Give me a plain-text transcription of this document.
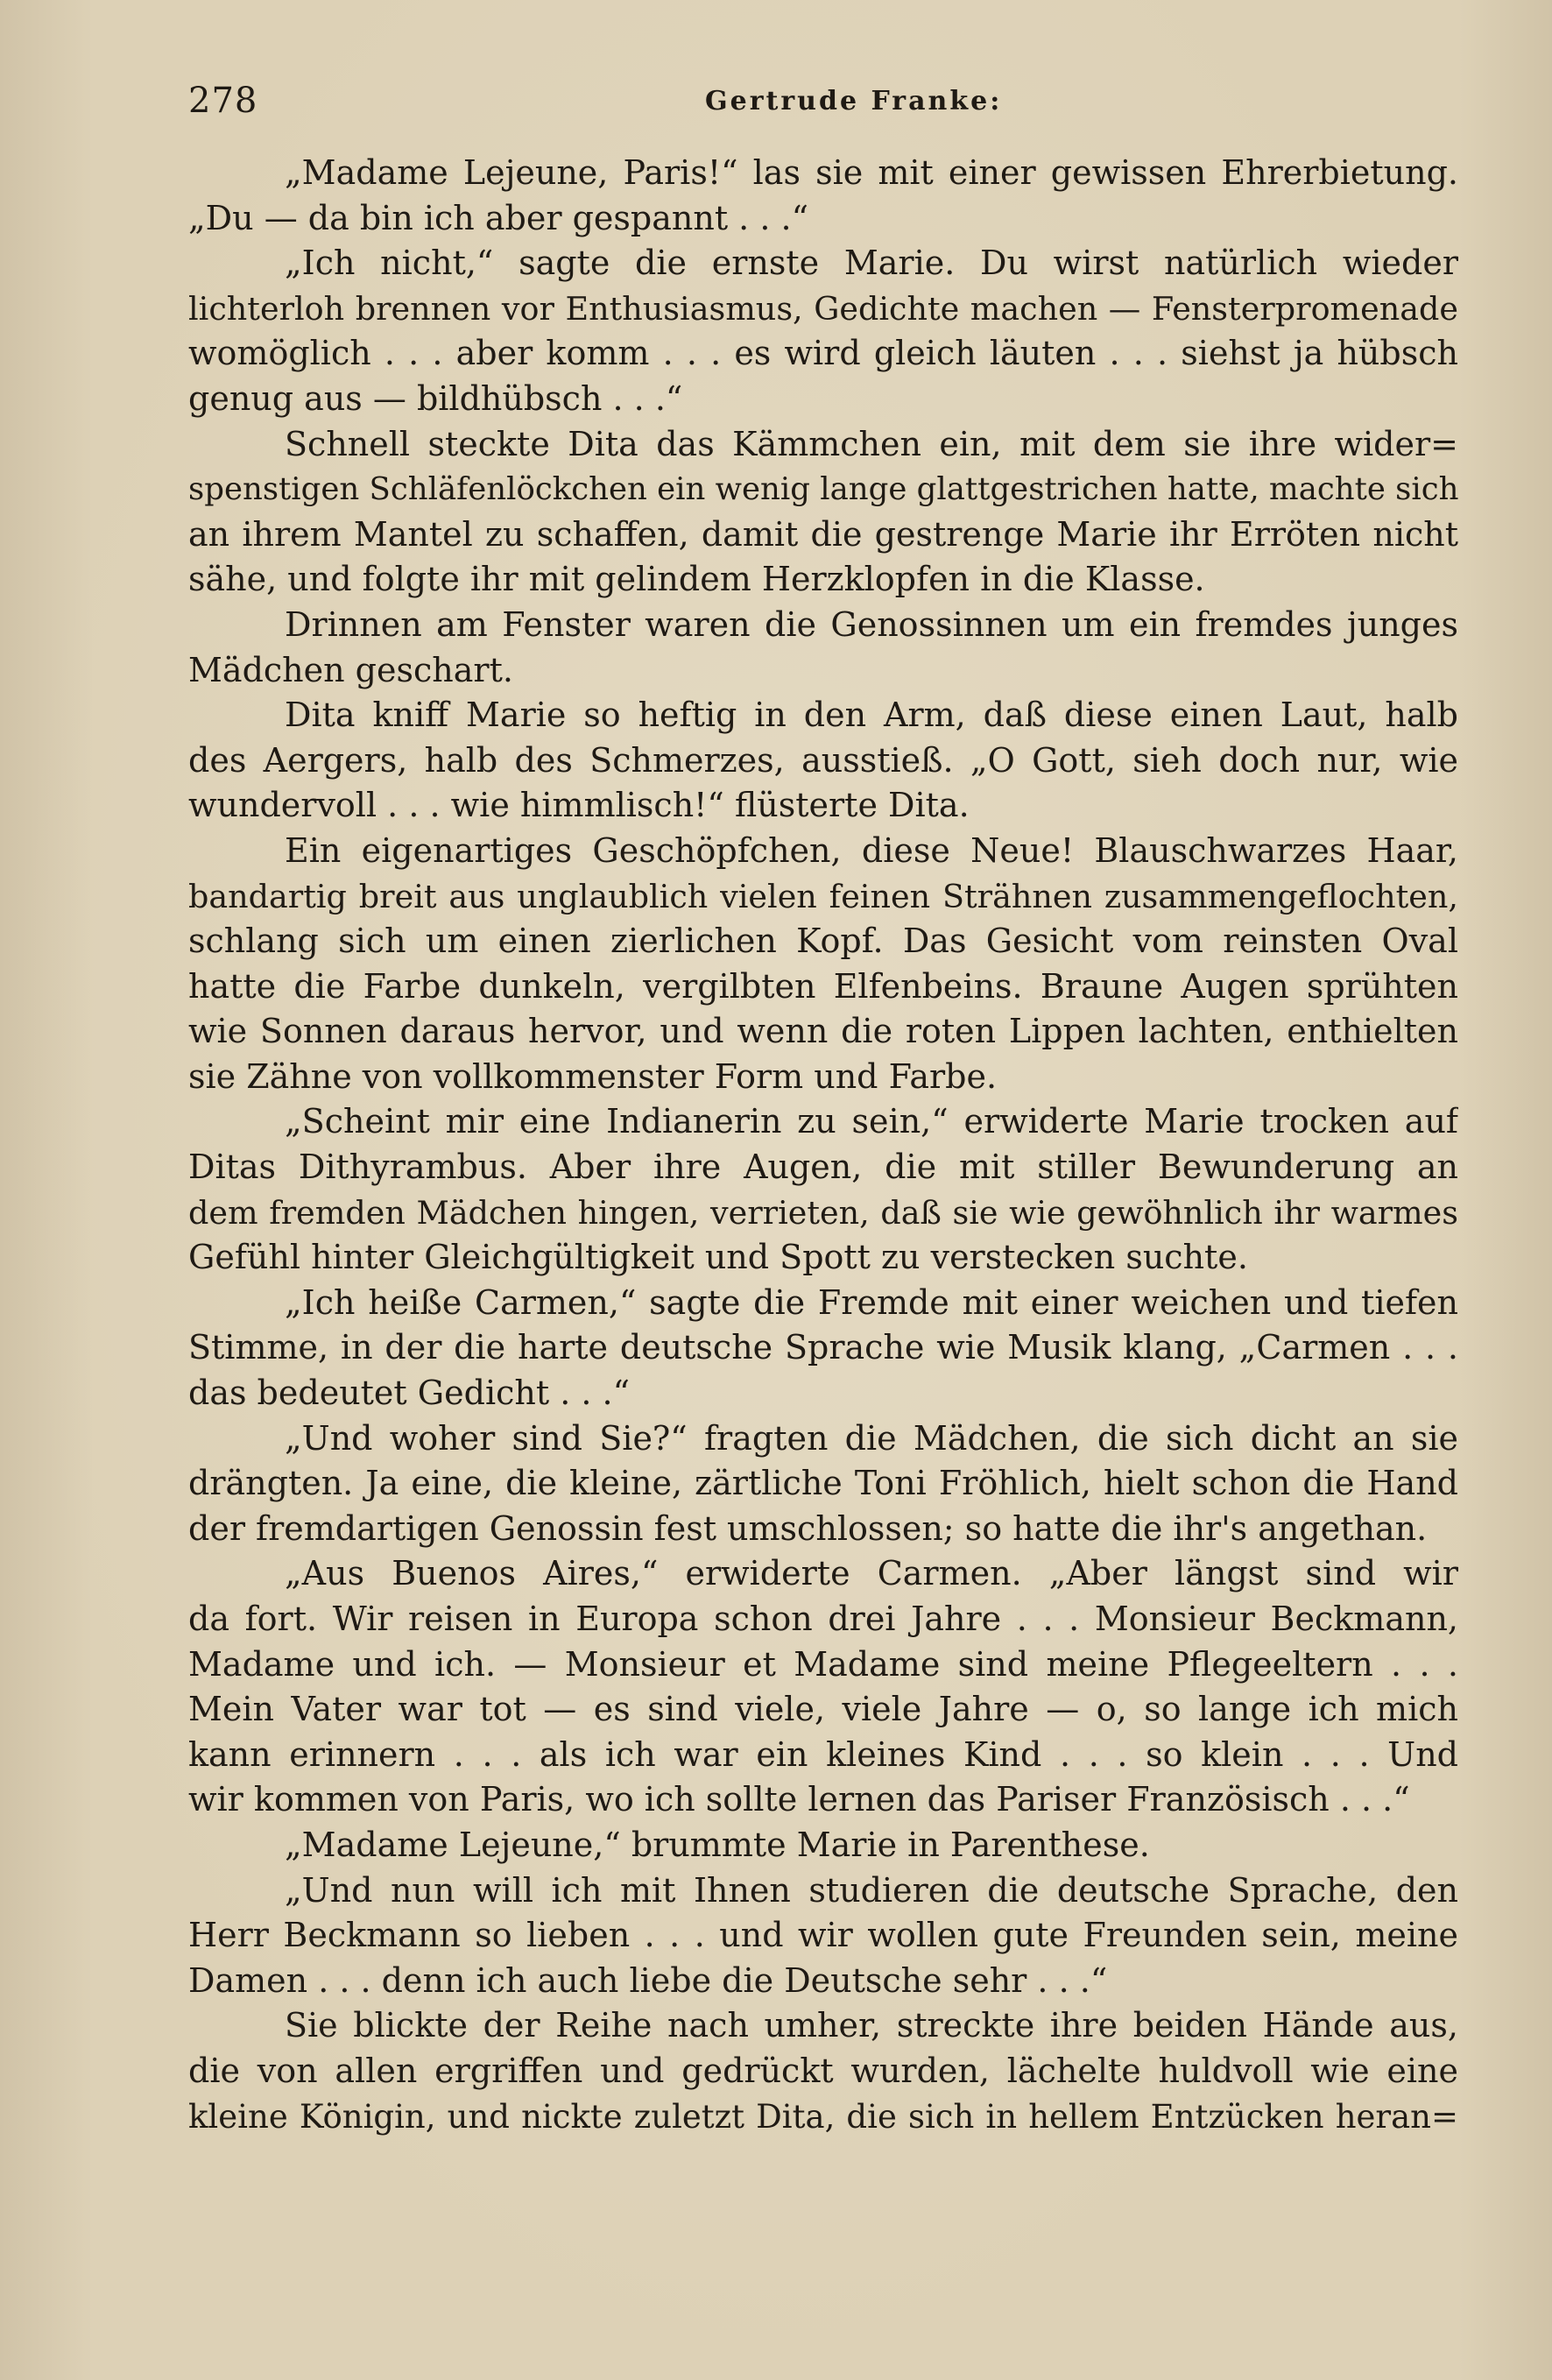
278	Gertrude Franke:
„Madame Lejeune, Paris!“ las sie mit einer gewissen Ehrerbietung.
„Du — da bin ich aber gespannt . . .“
„Ich nicht,“ sagte die ernste Marie. Du wirst natürlich wieder
lichterloh brennen vor Enthusiasmus, Gedichte machen — Fensterpromenade
womöglich . . . aber komm . . . es wird gleich läuten . . . siehst ja hübsch
genug aus — bildhübsch . . .“
Schnell steckte Dita das Kämmchen ein, mit dem sie ihre wider=
spenstigen Schläfenlöckchen ein wenig lange glattgestrichen hatte, machte sich
an ihrem Mantel zu schaffen, damit die gestrenge Marie ihr Erröten nicht
sähe, und folgte ihr mit gelindem Herzklopfen in die Klasse.
Drinnen am Fenster waren die Genossinnen um ein fremdes junges
Mädchen geschart.
Dita kniff Marie so heftig in den Arm, daß diese einen Laut, halb
des Aergers, halb des Schmerzes, ausstieß. „O Gott, sieh doch nur, wie
wundervoll . . . wie himmlisch!“ flüsterte Dita.
Ein eigenartiges Geschöpfchen, diese Neue! Blauschwarzes Haar,
bandartig breit aus unglaublich vielen feinen Strähnen zusammengeflochten,
schlang sich um einen zierlichen Kopf. Das Gesicht vom reinsten Oval
hatte die Farbe dunkeln, vergilbten Elfenbeins. Braune Augen sprühten
wie Sonnen daraus hervor, und wenn die roten Lippen lachten, enthielten
sie Zähne von vollkommenster Form und Farbe.
„Scheint mir eine Indianerin zu sein,“ erwiderte Marie trocken auf
Ditas Dithyrambus. Aber ihre Augen, die mit stiller Bewunderung an
dem fremden Mädchen hingen, verrieten, daß sie wie gewöhnlich ihr warmes
Gefühl hinter Gleichgültigkeit und Spott zu verstecken suchte.
„Ich heiße Carmen,“ sagte die Fremde mit einer weichen und tiefen
Stimme, in der die harte deutsche Sprache wie Musik klang, „Carmen . . .
das bedeutet Gedicht . . .“
„Und woher sind Sie?“ fragten die Mädchen, die sich dicht an sie
drängten. Ja eine, die kleine, zärtliche Toni Fröhlich, hielt schon die Hand
der fremdartigen Genossin fest umschlossen; so hatte die ihr's angethan.
„Aus Buenos Aires,“ erwiderte Carmen. „Aber längst sind wir
da fort. Wir reisen in Europa schon drei Jahre . . . Monsieur Beckmann,
Madame und ich. — Monsieur et Madame sind meine Pflegeeltern . . .
Mein Vater war tot — es sind viele, viele Jahre — o, so lange ich mich
kann erinnern . . . als ich war ein kleines Kind . . . so klein . . . Und
wir kommen von Paris, wo ich sollte lernen das Pariser Französisch . . .“
„Madame Lejeune,“ brummte Marie in Parenthese.
„Und nun will ich mit Ihnen studieren die deutsche Sprache, den
Herr Beckmann so lieben . . . und wir wollen gute Freunden sein, meine
Damen . . . denn ich auch liebe die Deutsche sehr . . .“
Sie blickte der Reihe nach umher, streckte ihre beiden Hände aus,
die von allen ergriffen und gedrückt wurden, lächelte huldvoll wie eine
kleine Königin, und nickte zuletzt Dita, die sich in hellem Entzücken heran=
